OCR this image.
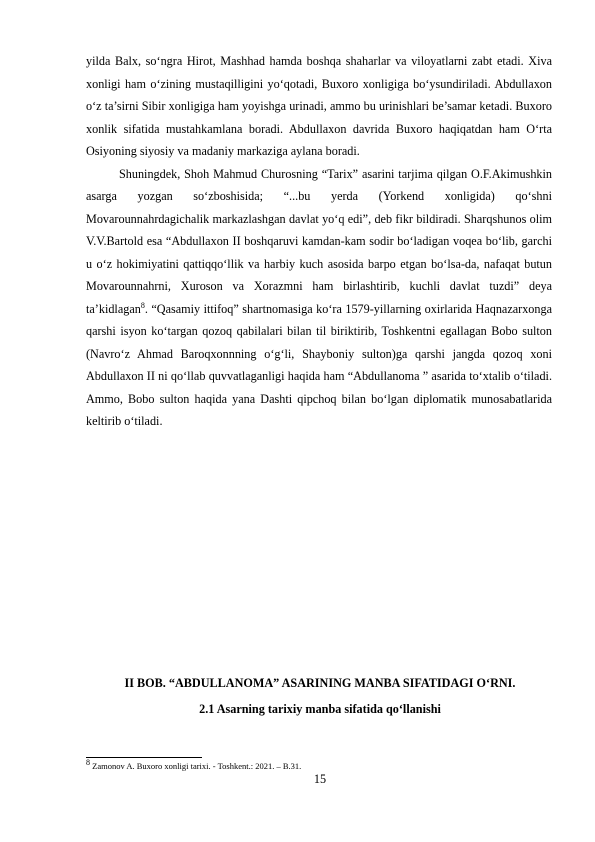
yilda Balx, so‘ngra Hirot, Mashhad hamda boshqa shaharlar va viloyatlarni zabt etadi. Xiva xonligi ham o‘zining mustaqilligini yo‘qotadi, Buxoro xonligiga bo‘ysundiriladi. Abdullaxon o‘z ta’sirni Sibir xonligiga ham yoyishga urinadi, ammo bu urinishlari be’samar ketadi. Buxoro xonlik sifatida mustahkamlana boradi. Abdullaxon davrida Buxoro haqiqatdan ham O‘rta Osiyoning siyosiy va madaniy markaziga aylana boradi.

Shuningdek, Shoh Mahmud Churosning “Tarix” asarini tarjima qilgan O.F.Akimushkin asarga yozgan so‘zboshisida; “...bu yerda (Yorkend xonligida) qo‘shni Movarounnahrdagichalik markazlashgan davlat yo‘q edi”, deb fikr bildiradi. Sharqshunos olim V.V.Bartold esa “Abdullaxon II boshqaruvi kamdan-kam sodir bo‘ladigan voqea bo‘lib, garchi u o‘z hokimiyatini qattiqqo‘llik va harbiy kuch asosida barpo etgan bo‘lsa-da, nafaqat butun Movarounnahrni, Xuroson va Xorazmni ham birlashtirib, kuchli davlat tuzdi” deya ta’kidlagan$^8$. “Qasamiy ittifoq” shartnomasiga ko‘ra 1579-yillarning oxirlarida Haqnazarxonga qarshi isyon ko‘targan qozoq qabilalari bilan til biriktirib, Toshkentni egallagan Bobo sulton (Navro‘z Ahmad Baroqxonnning o‘g‘li, Shayboniy sulton)ga qarshi jangda qozoq xoni Abdullaxon II ni qo‘llab quvvatlaganligi haqida ham “Abdullanoma ” asarida to‘xtalib o‘tiladi. Ammo, Bobo sulton haqida yana Dashti qipchoq bilan bo‘lgan diplomatik munosabatlarida keltirib o‘tiladi.

II BOB. “ABDULLANOMA” ASARINING MANBA SIFATIDAGI O‘RNI.
2.1 Asarning tarixiy manba sifatida qo‘llanishi
$^8$ Zamonov A. Buxoro xonligi tarixi. - Toshkent.: 2021. – B.31.
15
